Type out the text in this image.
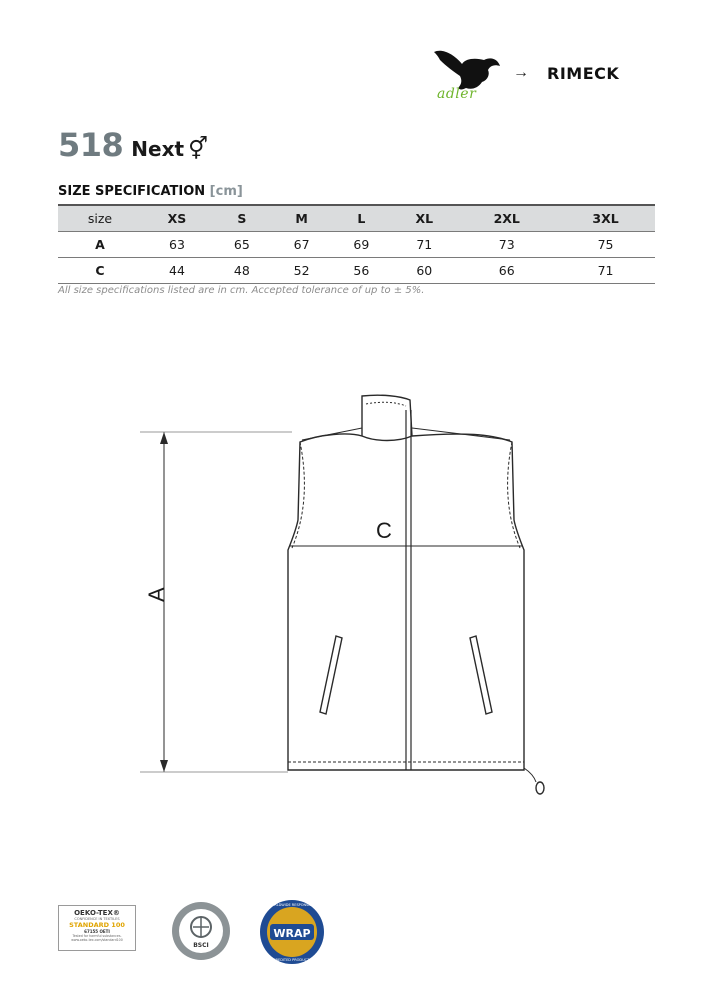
adler
→ RIMECK
518 Next ⚥
SIZE SPECIFICATION [cm]
size	XS	S	M	L	XL	2XL	3XL
A	63	65	67	69	71	73	75
C	44	48	52	56	60	66	71
All size specifications listed are in cm. Accepted tolerance of up to ± 5%.
A
C
OEKO-TEX®
CONFIDENCE IN TEXTILES
STANDARD 100
67155 OETI
Tested for harmful substances.
www.oeko-tex.com/standard100
BSCI
WRAP
WORLDWIDE RESPONSIBLE
ACCREDITED PRODUCTION
